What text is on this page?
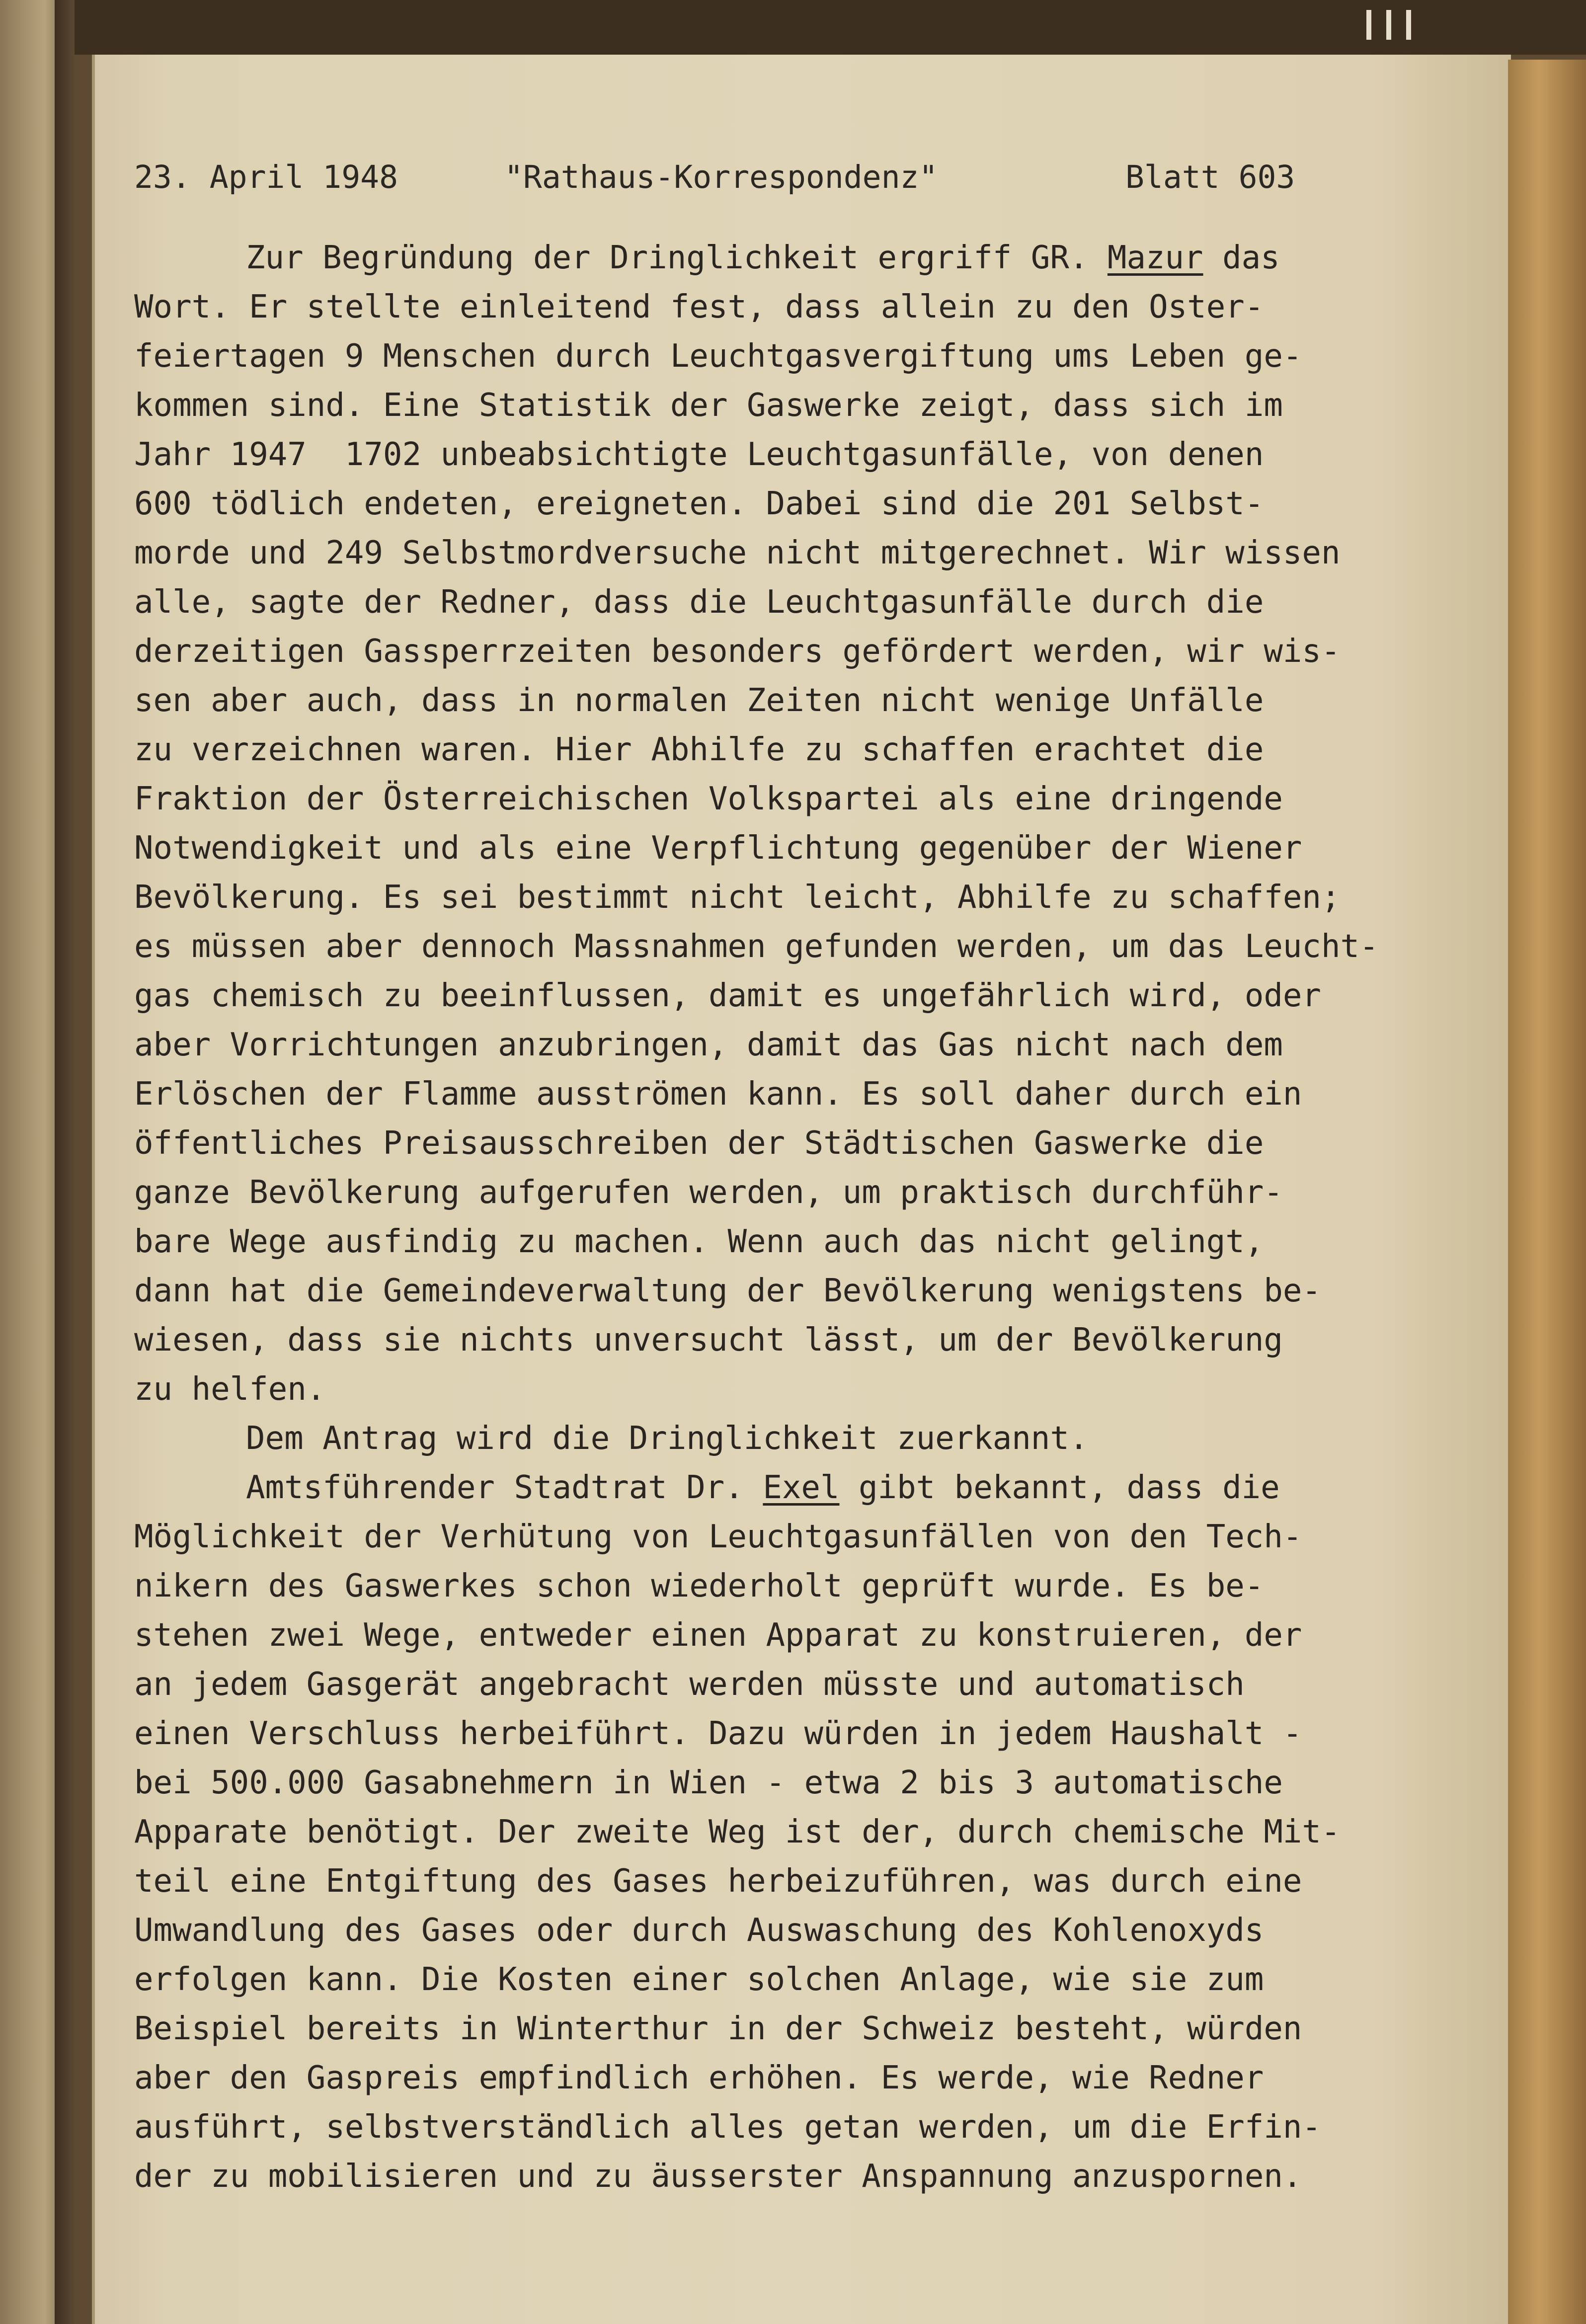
23. April 1948

	"Rathaus-Korrespondenz"

	Blatt 603

Zur Begründung der Dringlichkeit ergriff GR. Mazur das

Wort. Er stellte einleitend fest, dass allein zu den Oster-

feiertagen 9 Menschen durch Leuchtgasvergiftung ums Leben ge-

kommen sind. Eine Statistik der Gaswerke zeigt, dass sich im

Jahr 1947  1702 unbeabsichtigte Leuchtgasunfälle, von denen

600 tödlich endeten, ereigneten. Dabei sind die 201 Selbst-

morde und 249 Selbstmordversuche nicht mitgerechnet. Wir wissen

alle, sagte der Redner, dass die Leuchtgasunfälle durch die

derzeitigen Gassperrzeiten besonders gefördert werden, wir wis-

sen aber auch, dass in normalen Zeiten nicht wenige Unfälle

zu verzeichnen waren. Hier Abhilfe zu schaffen erachtet die

Fraktion der Österreichischen Volkspartei als eine dringende

Notwendigkeit und als eine Verpflichtung gegenüber der Wiener

Bevölkerung. Es sei bestimmt nicht leicht, Abhilfe zu schaffen;

es müssen aber dennoch Massnahmen gefunden werden, um das Leucht-

gas chemisch zu beeinflussen, damit es ungefährlich wird, oder

aber Vorrichtungen anzubringen, damit das Gas nicht nach dem

Erlöschen der Flamme ausströmen kann. Es soll daher durch ein

öffentliches Preisausschreiben der Städtischen Gaswerke die

ganze Bevölkerung aufgerufen werden, um praktisch durchführ-

bare Wege ausfindig zu machen. Wenn auch das nicht gelingt,

dann hat die Gemeindeverwaltung der Bevölkerung wenigstens be-

wiesen, dass sie nichts unversucht lässt, um der Bevölkerung

zu helfen.

Dem Antrag wird die Dringlichkeit zuerkannt.

Amtsführender Stadtrat Dr. Exel gibt bekannt, dass die

Möglichkeit der Verhütung von Leuchtgasunfällen von den Tech-

nikern des Gaswerkes schon wiederholt geprüft wurde. Es be-

stehen zwei Wege, entweder einen Apparat zu konstruieren, der

an jedem Gasgerät angebracht werden müsste und automatisch

einen Verschluss herbeiführt. Dazu würden in jedem Haushalt -

bei 500.000 Gasabnehmern in Wien - etwa 2 bis 3 automatische

Apparate benötigt. Der zweite Weg ist der, durch chemische Mit-

teil eine Entgiftung des Gases herbeizuführen, was durch eine

Umwandlung des Gases oder durch Auswaschung des Kohlenoxyds

erfolgen kann. Die Kosten einer solchen Anlage, wie sie zum

Beispiel bereits in Winterthur in der Schweiz besteht, würden

aber den Gaspreis empfindlich erhöhen. Es werde, wie Redner

ausführt, selbstverständlich alles getan werden, um die Erfin-

der zu mobilisieren und zu äusserster Anspannung anzuspornen.
